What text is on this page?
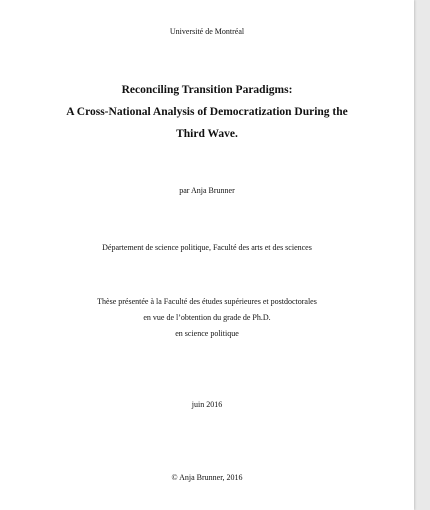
Université de Montréal
Reconciling Transition Paradigms:
A Cross-National Analysis of Democratization During the
Third Wave.
par Anja Brunner
Département de science politique, Faculté des arts et des sciences
Thèse présentée à la Faculté des études supérieures et postdoctorales
en vue de l’obtention du grade de Ph.D.
en science politique
juin 2016
© Anja Brunner, 2016
